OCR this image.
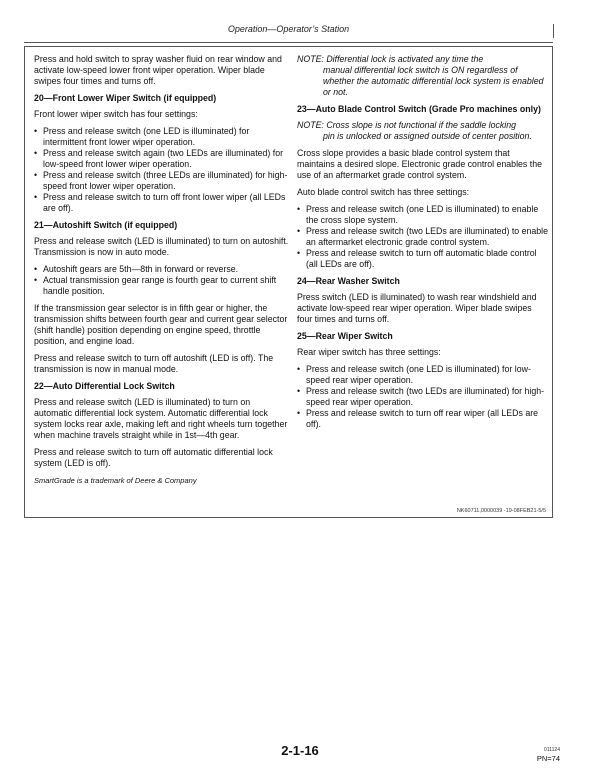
Operation—Operator’s Station

Press and hold switch to spray washer fluid on rear window and activate low-speed lower front wiper operation. Wiper blade swipes four times and turns off.

20—Front Lower Wiper Switch (if equipped)

Front lower wiper switch has four settings:

• Press and release switch (one LED is illuminated) for intermittent front lower wiper operation.
• Press and release switch again (two LEDs are illuminated) for low-speed front lower wiper operation.
• Press and release switch (three LEDs are illuminated) for high-speed front lower wiper operation.
• Press and release switch to turn off front lower wiper (all LEDs are off).
21—Autoshift Switch (if equipped)

Press and release switch (LED is illuminated) to turn on autoshift. Transmission is now in auto mode.

• Autoshift gears are 5th—8th in forward or reverse.
• Actual transmission gear range is fourth gear to current shift handle position.

If the transmission gear selector is in fifth gear or higher, the transmission shifts between fourth gear and current gear selector (shift handle) position depending on engine speed, throttle position, and engine load.

Press and release switch to turn off autoshift (LED is off). The transmission is now in manual mode.

22—Auto Differential Lock Switch

Press and release switch (LED is illuminated) to turn on automatic differential lock system. Automatic differential lock system locks rear axle, making left and right wheels turn together when machine travels straight while in 1st—4th gear.

Press and release switch to turn off automatic differential lock system (LED is off).

SmartGrade is a trademark of Deere & Company
NOTE: Differential lock is activated any time the
manual differential lock switch is ON regardless of whether the automatic differential lock system is enabled or not.
23—Auto Blade Control Switch (Grade Pro machines only)
NOTE: Cross slope is not functional if the saddle locking
pin is unlocked or assigned outside of center position.

Cross slope provides a basic blade control system that maintains a desired slope. Electronic grade control enables the use of an aftermarket grade control system.

Auto blade control switch has three settings:

• Press and release switch (one LED is illuminated) to enable the cross slope system.
• Press and release switch (two LEDs are illuminated) to enable an aftermarket electronic grade control system.
• Press and release switch to turn off automatic blade control (all LEDs are off).
24—Rear Washer Switch

Press switch (LED is illuminated) to wash rear windshield and activate low-speed rear wiper operation. Wiper blade swipes four times and turns off.

25—Rear Wiper Switch

Rear wiper switch has three settings:

• Press and release switch (one LED is illuminated) for low-speed rear wiper operation.
• Press and release switch (two LEDs are illuminated) for high-speed rear wiper operation.
• Press and release switch to turn off rear wiper (all LEDs are off).
NK60711,0000039 -19-08FEB21-5/5
2-1-16	011124
PN=74
